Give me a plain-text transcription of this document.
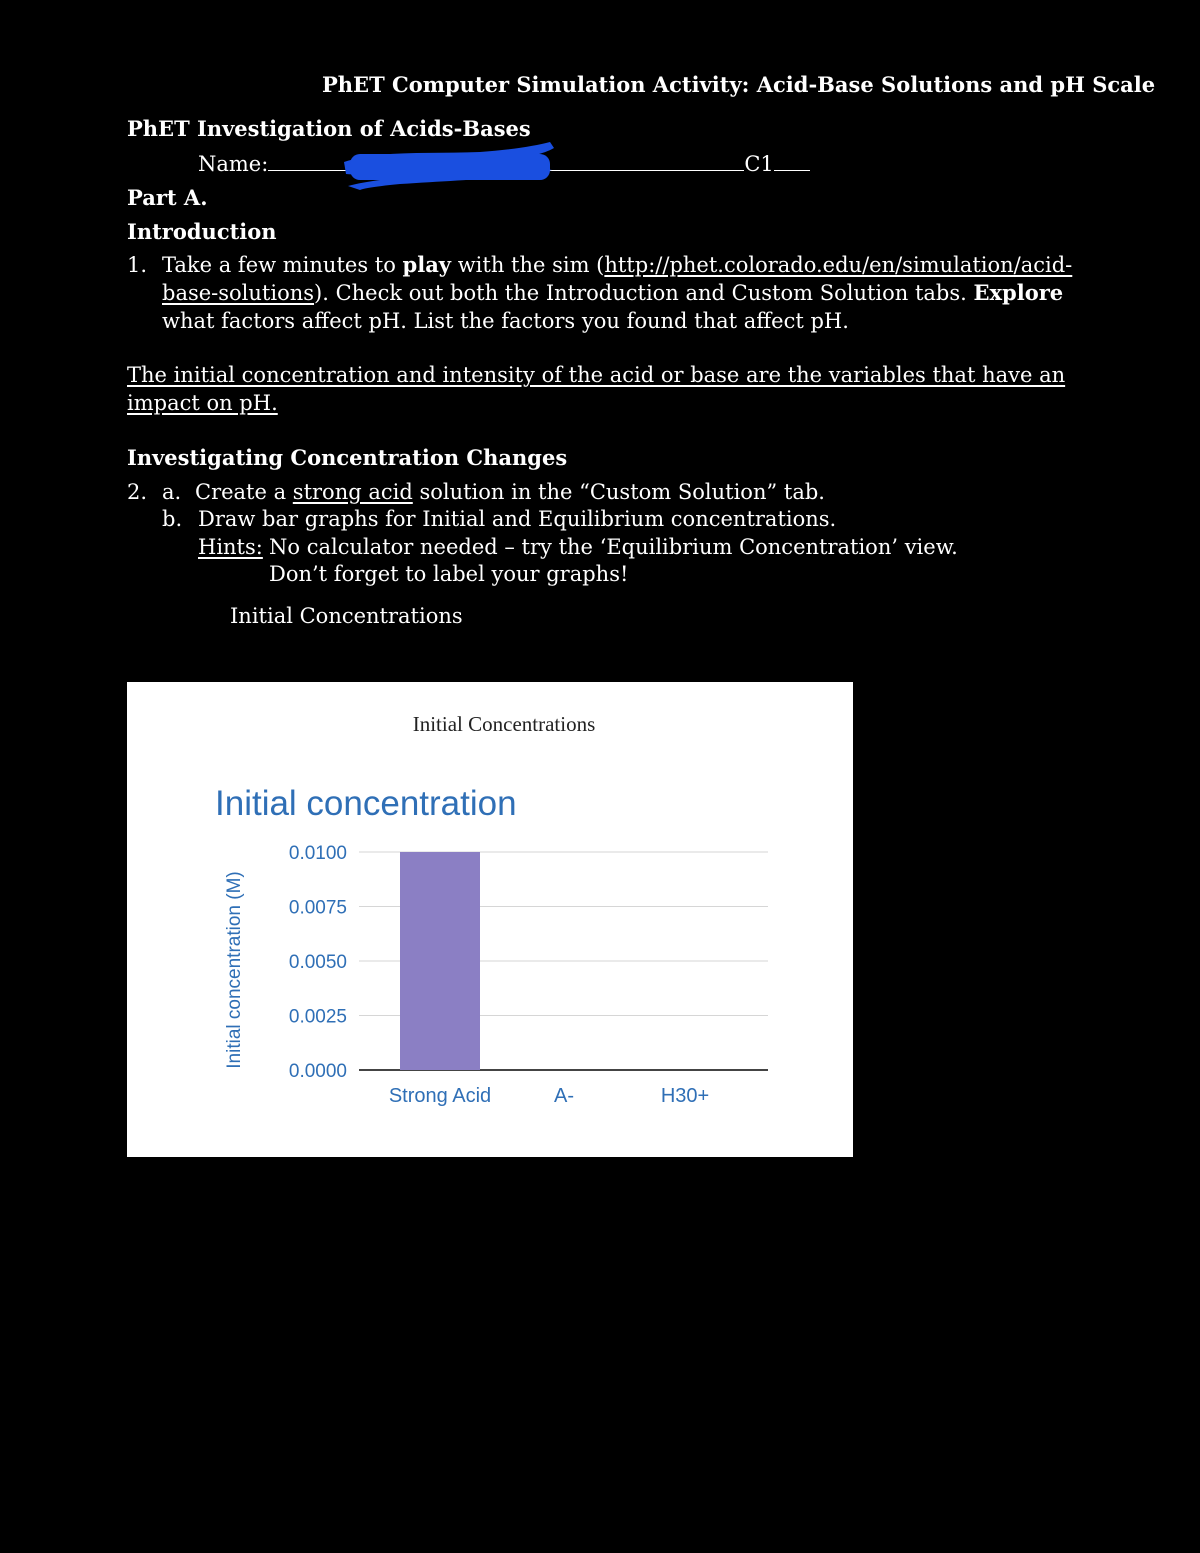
PhET Computer Simulation Activity: Acid-Base Solutions and pH Scale
PhET Investigation of Acids-Bases
Name:	C1
Part A.
Introduction
1. Take a few minutes to play with the sim (http://phet.colorado.edu/en/simulation/acid-
base-solutions). Check out both the Introduction and Custom Solution tabs. Explore
what factors affect pH. List the factors you found that affect pH.
The initial concentration and intensity of the acid or base are the variables that have an
impact on pH.
Investigating Concentration Changes
2. a. Create a strong acid solution in the “Custom Solution” tab.
b. Draw bar graphs for Initial and Equilibrium concentrations.
Hints: No calculator needed – try the ‘Equilibrium Concentration’ view.
Don’t forget to label your graphs!
Initial Concentrations
Initial Concentrations
Initial concentration
Initial concentration (M)
0.0000
0.0025
0.0050
0.0075
0.0100
Strong Acid	A-	H30+
